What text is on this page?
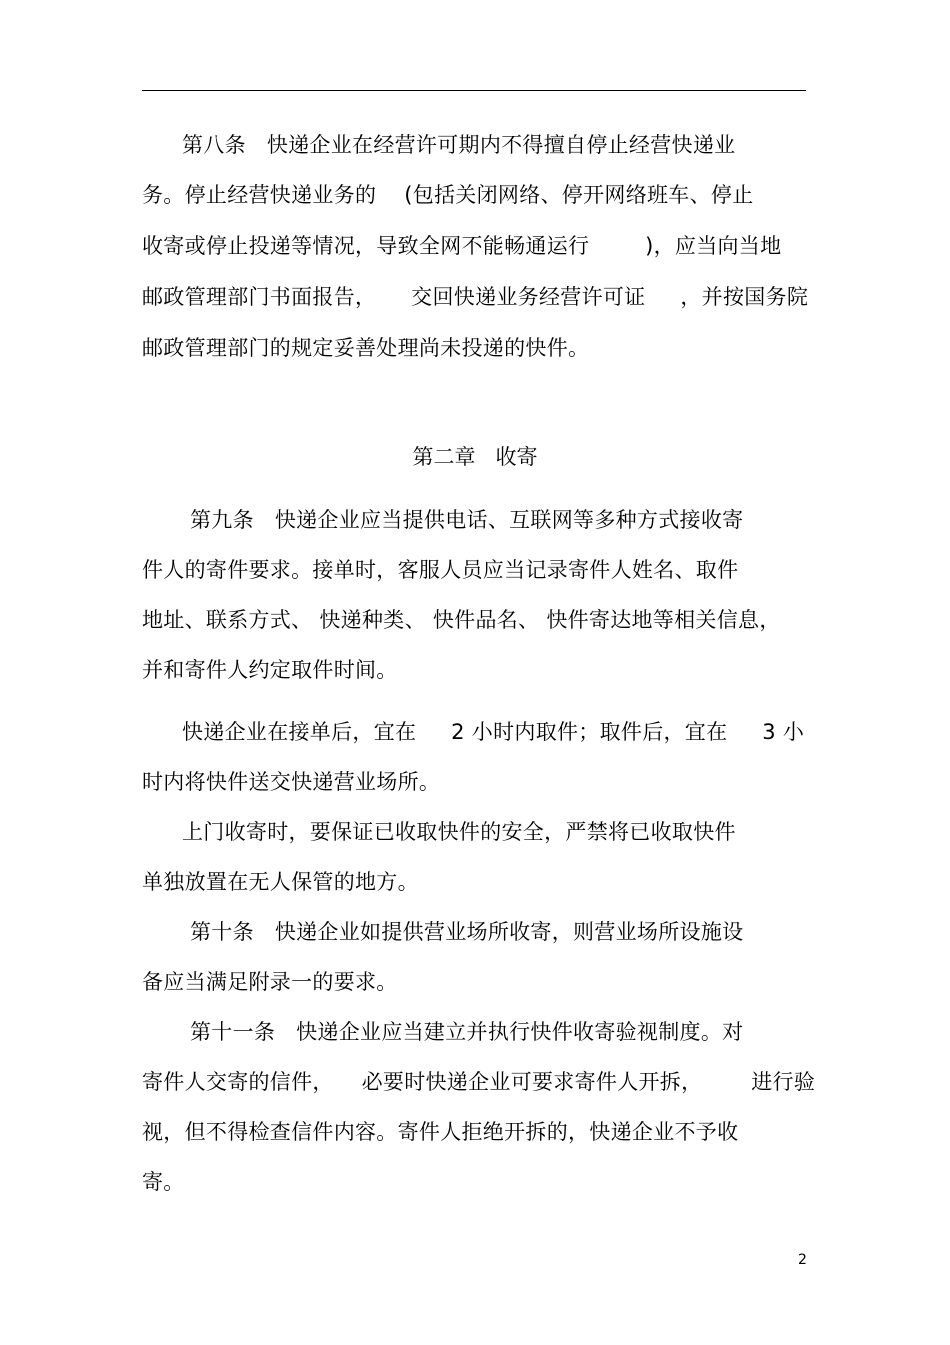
第八条   快递企业在经营许可期内不得擅自停止经营快递业
务。停止经营快递业务的    (包括关闭网络、停开网络班车、停止
收寄或停止投递等情况，导致全网不能畅通运行        )，应当向当地
邮政管理部门书面报告，     交回快递业务经营许可证     ，并按国务院
邮政管理部门的规定妥善处理尚未投递的快件。
第二章   收寄
第九条   快递企业应当提供电话、互联网等多种方式接收寄
件人的寄件要求。接单时，客服人员应当记录寄件人姓名、取件
地址、联系方式、 快递种类、 快件品名、 快件寄达地等相关信息，
并和寄件人约定取件时间。
快递企业在接单后，宜在     2 小时内取件；取件后，宜在     3 小
时内将快件送交快递营业场所。
上门收寄时，要保证已收取快件的安全，严禁将已收取快件
单独放置在无人保管的地方。
第十条   快递企业如提供营业场所收寄，则营业场所设施设
备应当满足附录一的要求。
第十一条   快递企业应当建立并执行快件收寄验视制度。对
寄件人交寄的信件，    必要时快递企业可要求寄件人开拆，       进行验
视，但不得检查信件内容。寄件人拒绝开拆的，快递企业不予收
寄。
2
